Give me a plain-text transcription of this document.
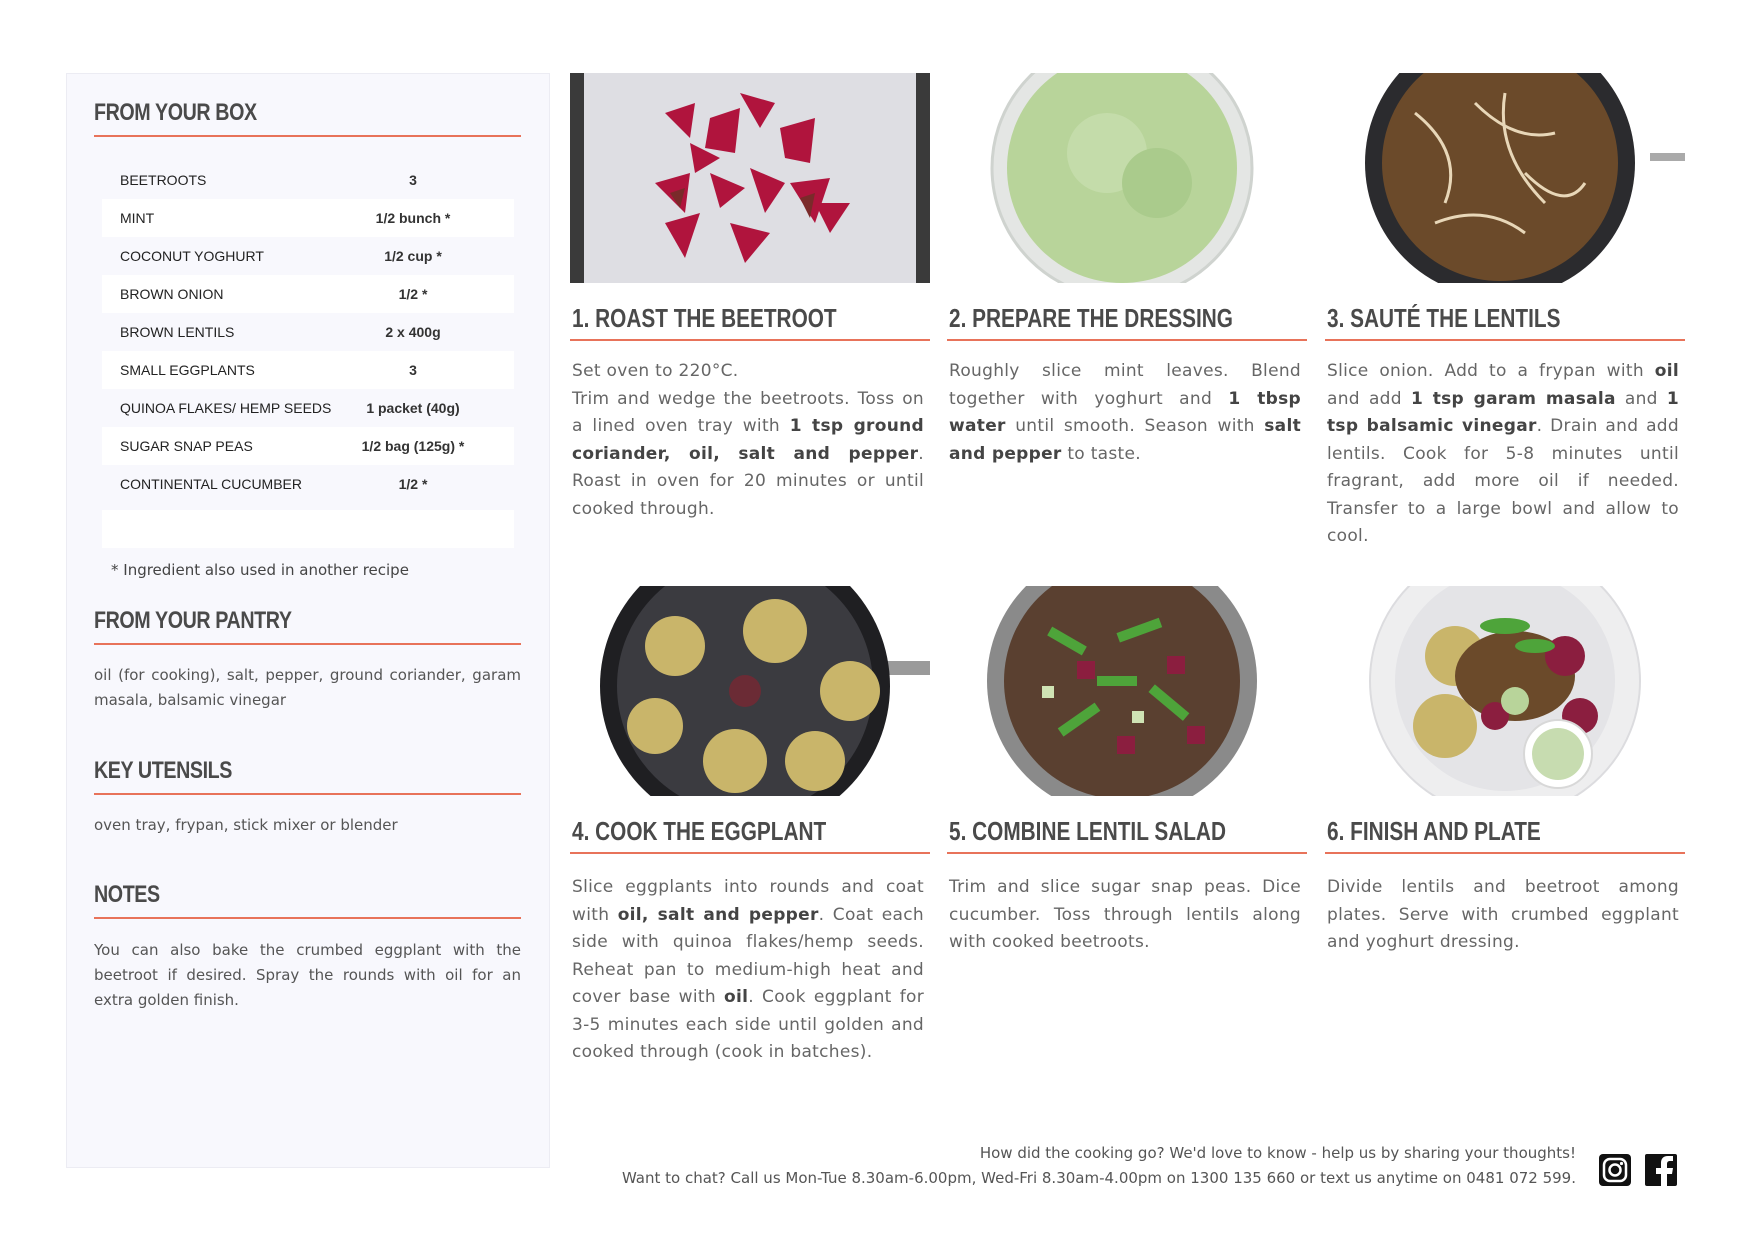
FROM YOUR BOX
BEETROOTS	3
MINT	1/2 bunch *
COCONUT YOGHURT	1/2 cup *
BROWN ONION	1/2 *
BROWN LENTILS	2 x 400g
SMALL EGGPLANTS	3
QUINOA FLAKES/ HEMP SEEDS	1 packet (40g)
SUGAR SNAP PEAS	1/2 bag (125g) *
CONTINENTAL CUCUMBER	1/2 *
* Ingredient also used in another recipe
FROM YOUR PANTRY
oil (for cooking), salt, pepper, ground coriander, garam masala, balsamic vinegar
KEY UTENSILS
oven tray, frypan, stick mixer or blender
NOTES
You can also bake the crumbed eggplant with the beetroot if desired. Spray the rounds with oil for an extra golden finish.
1. ROAST THE BEETROOT
Set oven to 220°C.
Trim and wedge the beetroots. Toss on a lined oven tray with 1 tsp ground coriander, oil, salt and pepper. Roast in oven for 20 minutes or until cooked through.
2. PREPARE THE DRESSING
Roughly slice mint leaves. Blend together with yoghurt and 1 tbsp water until smooth. Season with salt and pepper to taste.
3. SAUTÉ THE LENTILS
Slice onion. Add to a frypan with oil and add 1 tsp garam masala and 1 tsp balsamic vinegar. Drain and add lentils. Cook for 5-8 minutes until fragrant, add more oil if needed. Transfer to a large bowl and allow to cool.
4. COOK THE EGGPLANT
Slice eggplants into rounds and coat with oil, salt and pepper. Coat each side with quinoa flakes/hemp seeds. Reheat pan to medium-high heat and cover base with oil. Cook eggplant for 3-5 minutes each side until golden and cooked through (cook in batches).
5. COMBINE LENTIL SALAD
Trim and slice sugar snap peas. Dice cucumber. Toss through lentils along with cooked beetroots.
6. FINISH AND PLATE
Divide lentils and beetroot among plates. Serve with crumbed eggplant and yoghurt dressing.
How did the cooking go? We'd love to know - help us by sharing your thoughts!
Want to chat? Call us Mon-Tue 8.30am-6.00pm, Wed-Fri 8.30am-4.00pm on 1300 135 660 or text us anytime on 0481 072 599.
